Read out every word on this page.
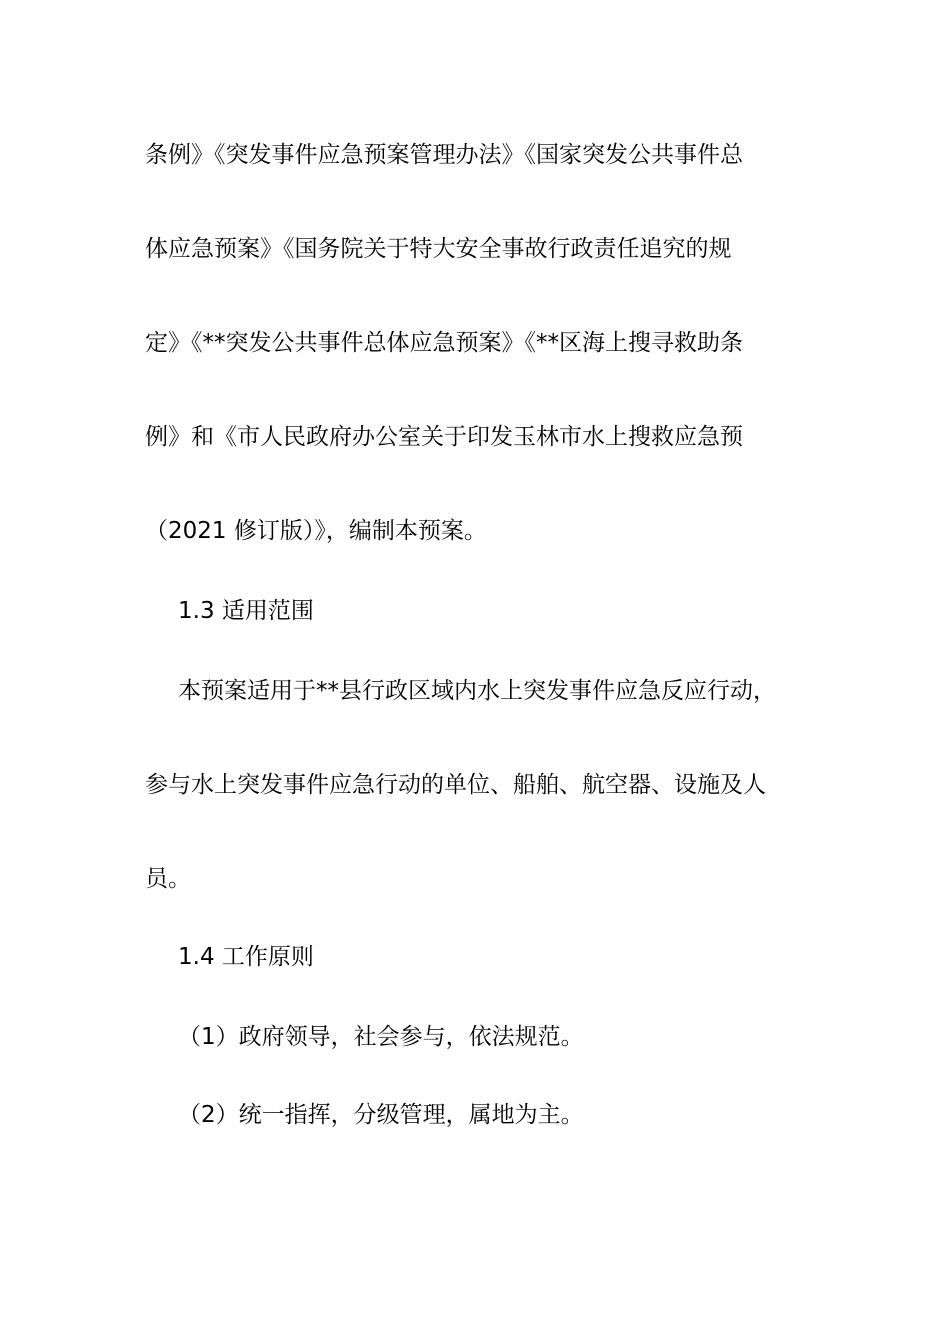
条例》《突发事件应急预案管理办法》《国家突发公共事件总
体应急预案》《国务院关于特大安全事故行政责任追究的规
定》《**突发公共事件总体应急预案》《**区海上搜寻救助条
例》和《市人民政府办公室关于印发玉林市水上搜救应急预
（2021 修订版）》，编制本预案。
1.3 适用范围
本预案适用于**县行政区域内水上突发事件应急反应行动，
参与水上突发事件应急行动的单位、船舶、航空器、设施及人
员。
1.4 工作原则
（1）政府领导，社会参与，依法规范。
（2）统一指挥，分级管理，属地为主。
